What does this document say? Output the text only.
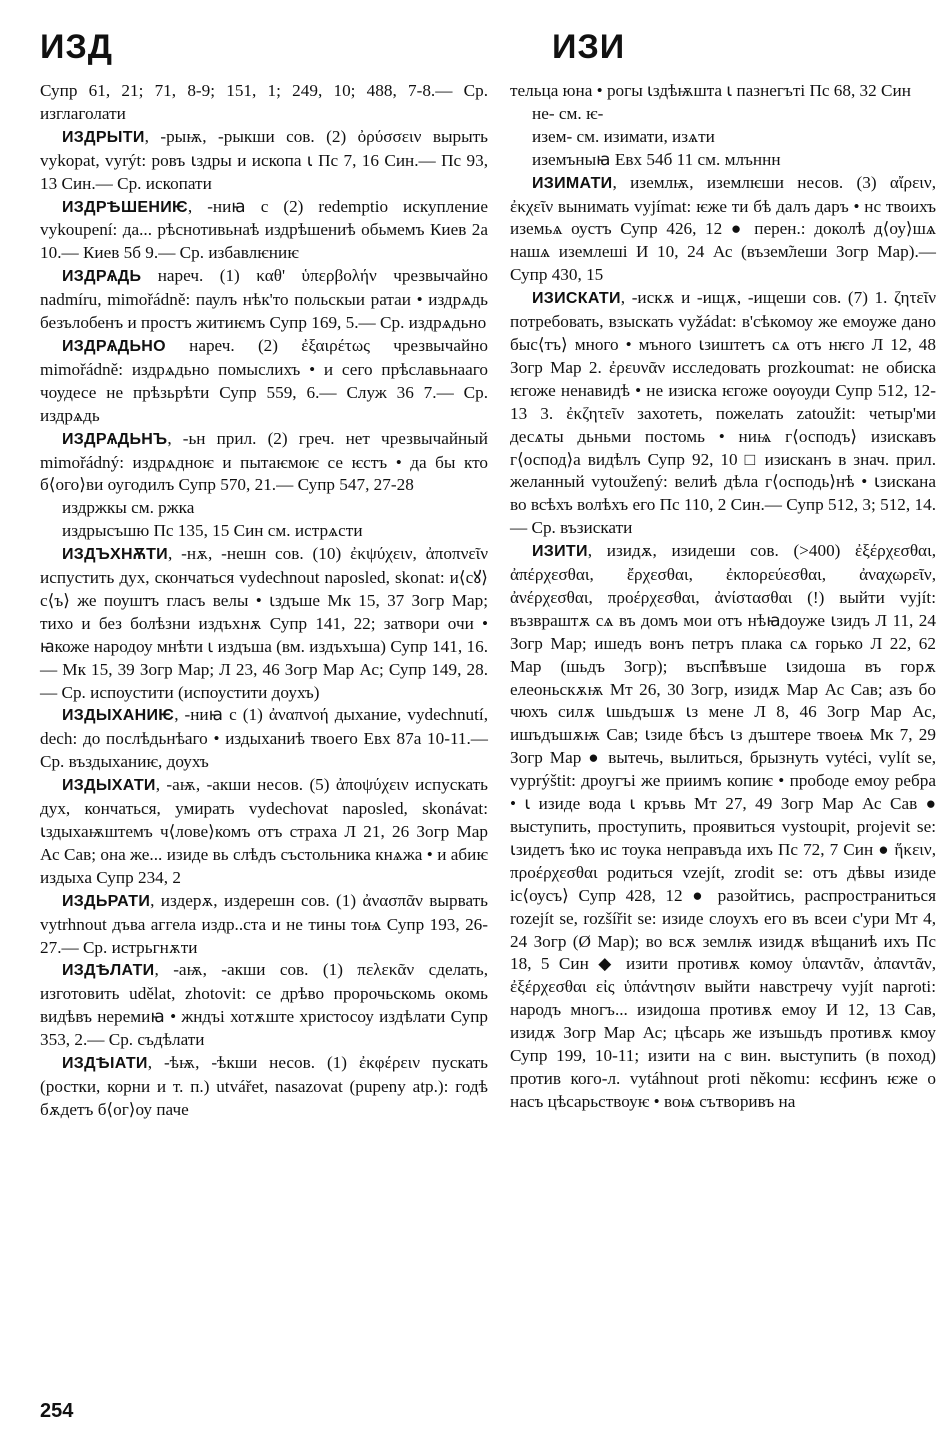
ИЗД	ИЗИ

Супр 61, 21; 71, 8-9; 151, 1; 249, 10; 488, 7-8.— Ср. изглаголати

ИЗДРЫТИ, -рыѭ, -рыкши сов. (2) ὀρύσσειν вырыть vykopat, vyrýt: ровъ ꙇздры и ископа ꙇ Пс 7, 16 Син.— Пс 93, 13 Син.— Ср. ископати

ИЗДРѢШЕНИѤ, -ниꙗ с (2) redemptio искупление vykoupení: да... рѣснотивьнаѣ издрѣшениѣ обьмемъ Киев 2а 10.— Киев 5б 9.— Ср. избавлѥниѥ

ИЗДРѦДЬ нареч. (1) καθ' ὑπερβολήν чрезвычайно nadmíru, mimořádně: паулъ нѣк'то польскыи ратаи • издрѧдь безълобенъ и простъ житиѥмъ Супр 169, 5.— Ср. издрѧдьно

ИЗДРѦДЬНО нареч. (2) ἐξαιρέτως чрезвычайно mimořádně: издрѧдьно помыслихъ • и сего прѣславьнааго чоудесе не прѣзьрѣти Супр 559, 6.— Служ 36 7.— Ср. издрѧдь

ИЗДРѦДЬНЪ, -ьн прил. (2) греч. нет чрезвычайный mimořádný: издрѧдноѥ и пытаѥмоѥ се ѥстъ • да бы кто б⟨ого⟩ви оугодилъ Супр 570, 21.— Супр 547, 27-28

издржкы см. ржка

издрысъшю Пс 135, 15 Син см. истрѧсти

ИЗДЪХНѪТИ, -нѫ, -нешн сов. (10) ἐκψύχειν, ἀποπνεῖν испустить дух, скончаться vydechnout naposled, skonat: и⟨сꙋ⟩с⟨ъ⟩ же поуштъ гласъ велы • ꙇздъше Мк 15, 37 Зогр Мар; тихо и без болѣзни издъхнѫ Супр 141, 22; затвори очи • ꙗкоже народоу мнѣти ꙇ издъша (вм. издъхъша) Супр 141, 16.— Мк 15, 39 Зогр Мар; Л 23, 46 Зогр Мар Ас; Супр 149, 28.— Ср. испоустити (испоустити доухъ)

ИЗДЫХАНИѤ, -ниꙗ с (1) ἀναπνοή дыхание, vydechnutí, dech: до послѣдьнѣаго • издыханиѣ твоего Евх 87а 10-11.— Ср. въздыханиѥ, доухъ

ИЗДЫХАТИ, -аѭ, -акши несов. (5) ἀποψύχειν испускать дух, кончаться, умирать vydechovat naposled, skonávat: ꙇздыхаѭштемъ ч⟨лове⟩комъ отъ страха Л 21, 26 Зогр Мар Ас Сав; она же... изиде вь слѣдъ състольника кнѧжа • и абиѥ издыха Супр 234, 2

ИЗДЬРАТИ, издерѫ, издерешн сов. (1) ἀνασπᾶν вырвать vytrhnout дъва аггела издр..ста и не тины тоѩ Супр 193, 26-27.— Ср. истрьгнѫти

ИЗДѢЛАТИ, -аѭ, -акши сов. (1) πελεκᾶν сделать, изготовить udělat, zhotovit: се дрѣво пророчьскомь окомь видѣвъ неремиꙗ • жндъі хотѫште христосоу издѣлати Супр 353, 2.— Ср. съдѣлати

ИЗДѢІАТИ, -ѣѭ, -ѣкши несов. (1) ἐκφέρειν пускать (ростки, корни и т. п.) utvářet, nasazovat (pupeny atp.): годѣ бѫдетъ б⟨ог⟩оу паче

тельца юна • рогы ꙇздѣѭшта ꙇ пазнегъті Пс 68, 32 Син

не- см. ѥ-

изем- см. изимати, изѧти

иземъныꙗ Евх 54б 11 см. млъннн

ИЗИМАТИ, иземлѭ, иземлѥши несов. (3) αἴρειν, ἐκχεῖν вынимать vyjímat: ѥже ти бѣ далъ даръ • нс твоихъ иземьѧ оустъ Супр 426, 12 ● перен.: доколѣ д⟨оу⟩шѧ нашѧ иземлеші И 10, 24 Ас (възем̃леши Зогр Мар).— Супр 430, 15

ИЗИСКАТИ, -искѫ и -ищѫ, -ищеши сов. (7) 1. ζητεῖν потребовать, взыскать vyžádat: в'сѣкомоу же емоуже дано быс⟨тъ⟩ много • мъного ꙇзиштетъ сѧ отъ нѥго Л 12, 48 Зогр Мар 2. ἐρευνᾶν исследовать prozkoumat: не обиска ѥгоже ненавидѣ • не изиска ѥгоже оѹоуди Супр 512, 12-13 3. ἐκζητεῖν захотеть, пожелать zatoužit: четыр'ми десѧты дьньми постомь • ниѩ г⟨осподъ⟩ изискавъ г⟨оспод⟩а видѣлъ Супр 92, 10 □ изисканъ в знач. прил. желанный vytoužený: велиѣ дѣла г⟨осподь⟩нѣ • ꙇзискана во всѣхъ волѣхъ его Пс 110, 2 Син.— Супр 512, 3; 512, 14.— Ср. възискати

ИЗИТИ, изидѫ, изидеши сов. (>400) ἐξέρχεσθαι, ἀπέρχεσθαι, ἔρχεσθαι, ἐκπορεύεσθαι, ἀναχωρεῖν, ἀνέρχεσθαι, προέρχεσθαι, ἀνίστασθαι (!) выйти vyjít: възвраштѫ сѧ въ домъ мои отъ нѣꙗдоуже ꙇзидъ Л 11, 24 Зогр Мар; ишедъ вонъ петръ плака сѧ горько Л 22, 62 Мар (шьдъ Зогр); въсп̃ѣвъше ꙇзидоша въ горѫ елеоньскѫѭ Мт 26, 30 Зогр, изидѫ Мар Ас Сав; азъ бо чюхъ силѫ ꙇшьдъшѫ ꙇз мене Л 8, 46 Зогр Мар Ас, ишъдъшѫѭ Сав; ꙇзиде бѣсъ ꙇз дъштере твоеѩ Мк 7, 29 Зогр Мар ● вытечь, вылиться, брызнуть vytéci, vylít se, vyprýštit: дроугъі же приимъ копиѥ • прободе емоу ребра • ꙇ изиде вода ꙇ кръвь Мт 27, 49 Зогр Мар Ас Сав ● выступить, проступить, проявиться vystoupit, projevit se: ꙇзидетъ ѣко ис тоука неправъда ихъ Пс 72, 7 Син ● ἥκειν, προέρχεσθαι родиться vzejít, zrodit se: отъ дѣвы изиде іс⟨оусъ⟩ Супр 428, 12 ● разойтись, распространиться rozejít se, rozšířit se: изиде слоухъ его въ всеи с'ури Мт 4, 24 Зогр (Ø Мар); во всѫ землѭ изидѫ вѣщаниѣ ихъ Пс 18, 5 Син ◆ изити противѫ комоу ὑπαντᾶν, ἀπαντᾶν, ἐξέρχεσθαι εἰς ὑπάντησιν выйти навстречу vyjít naproti: народъ многъ... изидоша противѫ емоу И 12, 13 Сав, изидѫ Зогр Мар Ас; цѣсарь же изъшьдъ противѫ кмоу Супр 199, 10-11; изити на с вин. выступить (в поход) против кого-л. vytáhnout proti někomu: ѥсфинъ ѥже о насъ цѣсарьствоуѥ • воѩ сътворивъ на

254
